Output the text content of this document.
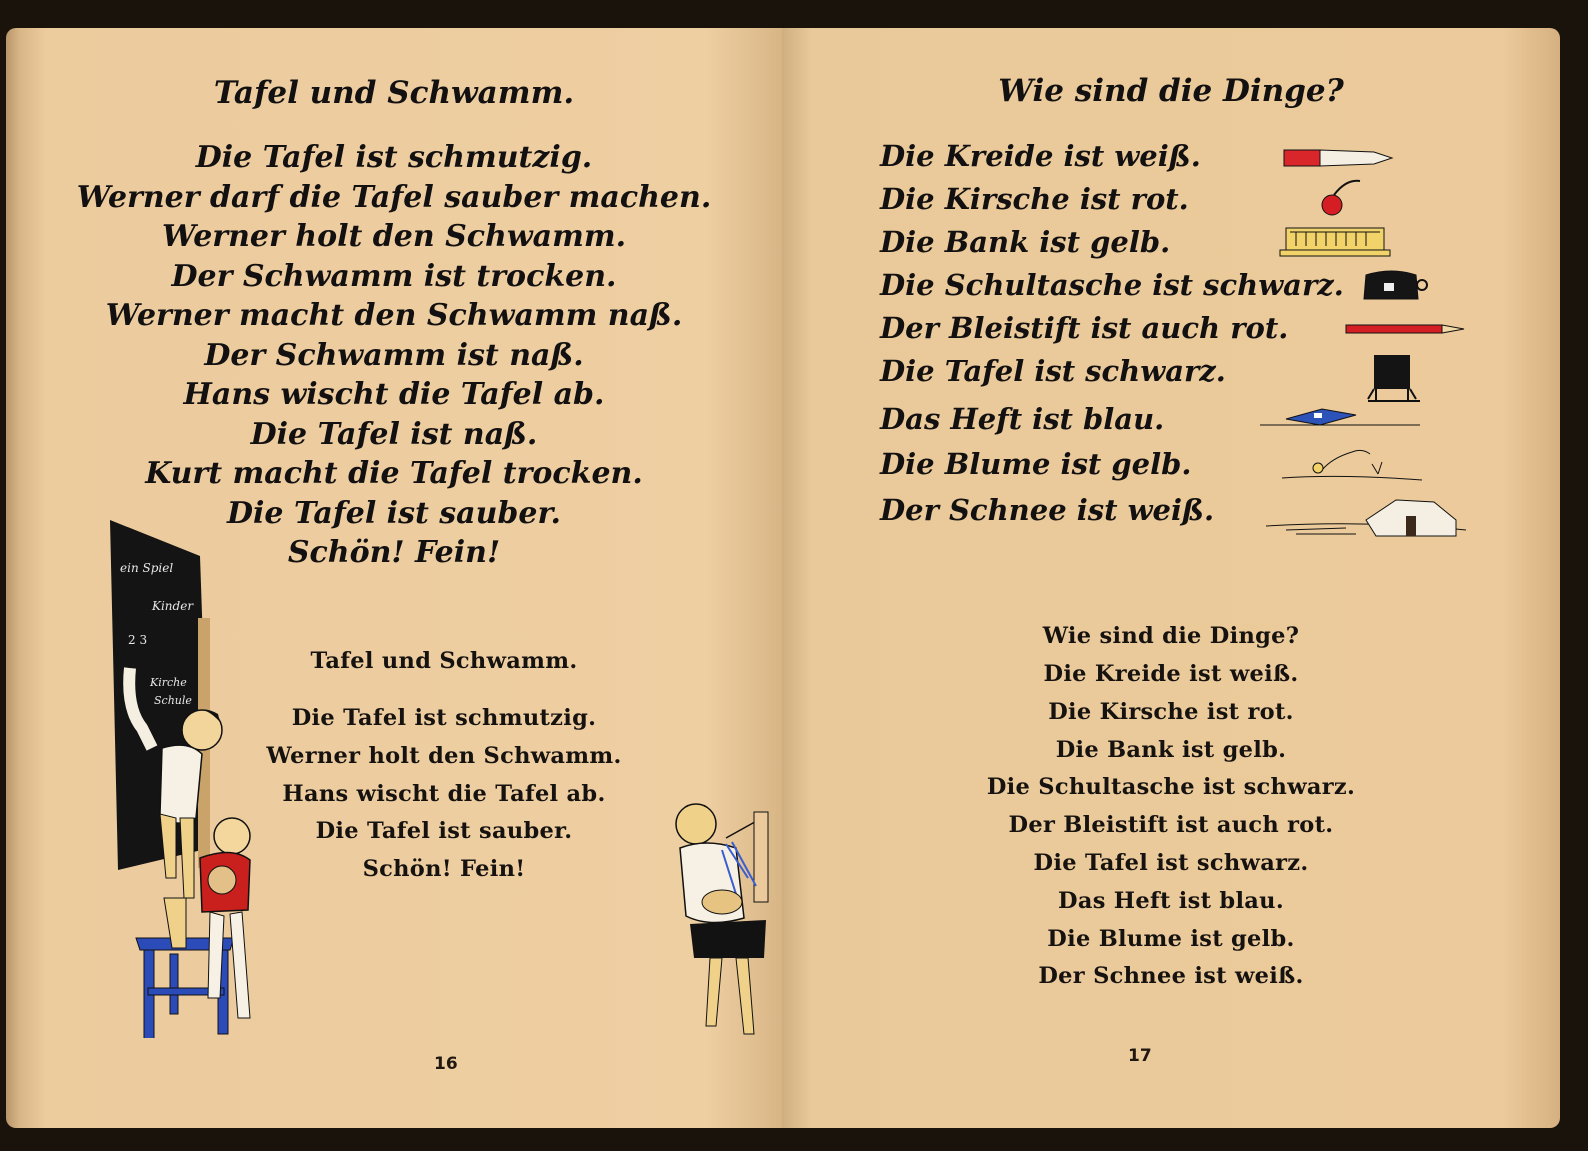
Tafel und Schwamm.
Die Tafel ist schmutzig.
Werner darf die Tafel sauber machen.
Werner holt den Schwamm.
Der Schwamm ist trocken.
Werner macht den Schwamm naß.
Der Schwamm ist naß.
Hans wischt die Tafel ab.
Die Tafel ist naß.
Kurt macht die Tafel trocken.
Die Tafel ist sauber.
Schön! Fein!
Tafel und Schwamm.
Die Tafel ist schmutzig.
Werner holt den Schwamm.
Hans wischt die Tafel ab.
Die Tafel ist sauber.
Schön! Fein!
ein Spiel
Kinder
2 3
Kirche
Schule
16
Wie sind die Dinge?
Die Kreide ist weiß.
Die Kirsche ist rot.
Die Bank ist gelb.
Die Schultasche ist schwarz.
Der Bleistift ist auch rot.
Die Tafel ist schwarz.
Das Heft ist blau.
Die Blume ist gelb.
Der Schnee ist weiß.
Wie sind die Dinge?
Die Kreide ist weiß.
Die Kirsche ist rot.
Die Bank ist gelb.
Die Schultasche ist schwarz.
Der Bleistift ist auch rot.
Die Tafel ist schwarz.
Das Heft ist blau.
Die Blume ist gelb.
Der Schnee ist weiß.
17
